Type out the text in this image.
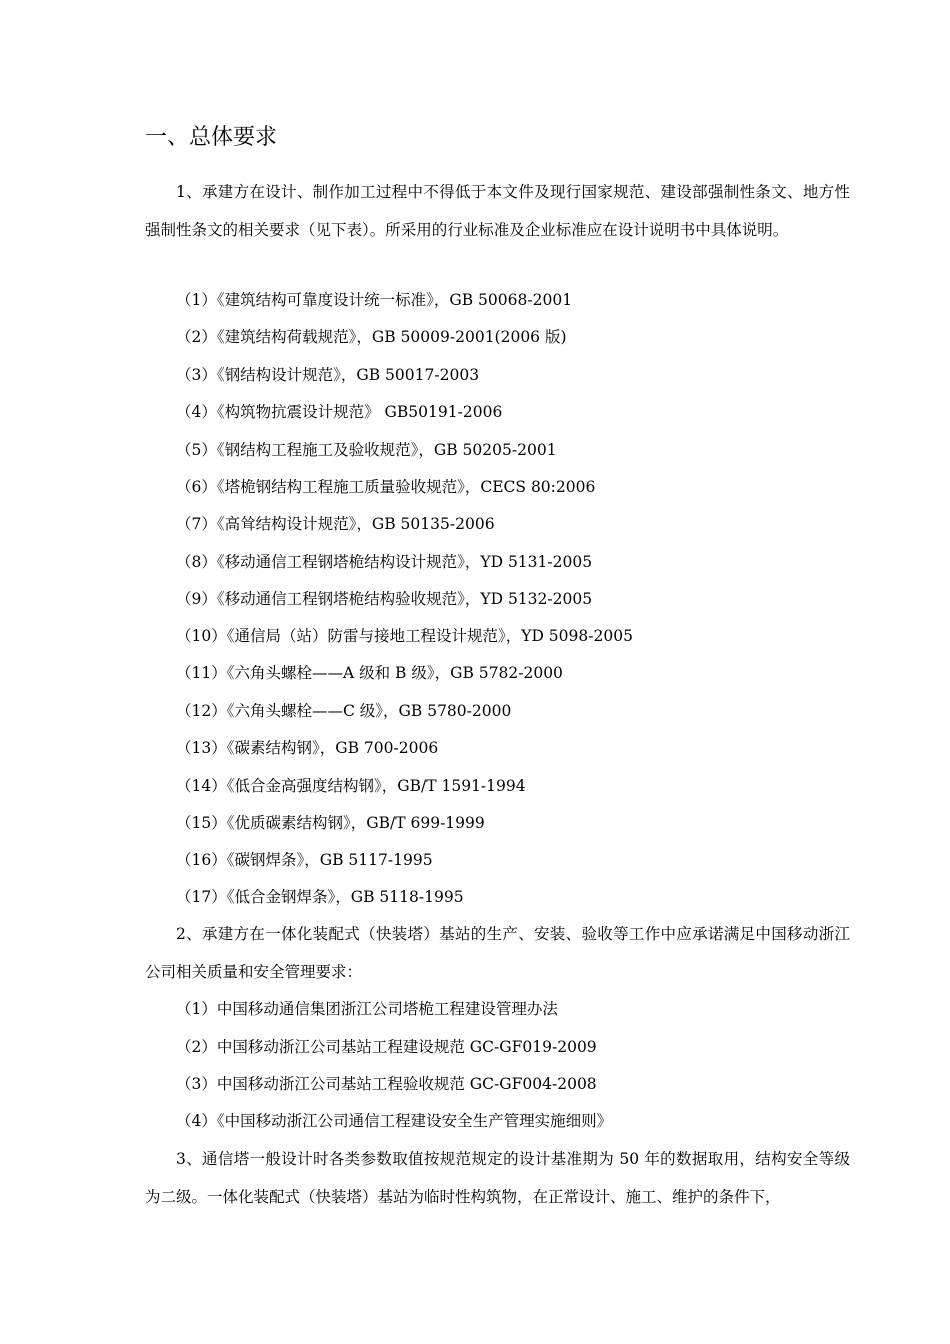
一、总体要求

1、承建方在设计、制作加工过程中不得低于本文件及现行国家规范、建设部强制性条文、地方性强制性条文的相关要求（见下表）。所采用的行业标准及企业标准应在设计说明书中具体说明。

（1）《建筑结构可靠度设计统一标准》，GB 50068-2001

（2）《建筑结构荷载规范》，GB 50009-2001(2006 版)

（3）《钢结构设计规范》，GB 50017-2003

（4）《构筑物抗震设计规范》 GB50191-2006

（5）《钢结构工程施工及验收规范》，GB 50205-2001

（6）《塔桅钢结构工程施工质量验收规范》，CECS 80:2006

（7）《高耸结构设计规范》，GB 50135-2006

（8）《移动通信工程钢塔桅结构设计规范》，YD 5131-2005

（9）《移动通信工程钢塔桅结构验收规范》，YD 5132-2005

（10）《通信局（站）防雷与接地工程设计规范》，YD 5098-2005

（11）《六角头螺栓——A 级和 B 级》，GB 5782-2000

（12）《六角头螺栓——C 级》，GB 5780-2000

（13）《碳素结构钢》，GB 700-2006

（14）《低合金高强度结构钢》，GB/T 1591-1994

（15）《优质碳素结构钢》，GB/T 699-1999

（16）《碳钢焊条》，GB 5117-1995

（17）《低合金钢焊条》，GB 5118-1995

2、承建方在一体化装配式（快装塔）基站的生产、安装、验收等工作中应承诺满足中国移动浙江公司相关质量和安全管理要求：

（1）中国移动通信集团浙江公司塔桅工程建设管理办法

（2）中国移动浙江公司基站工程建设规范 GC-GF019-2009

（3）中国移动浙江公司基站工程验收规范 GC-GF004-2008

（4）《中国移动浙江公司通信工程建设安全生产管理实施细则》

3、通信塔一般设计时各类参数取值按规范规定的设计基准期为 50 年的数据取用，结构安全等级为二级。一体化装配式（快装塔）基站为临时性构筑物，在正常设计、施工、维护的条件下，
